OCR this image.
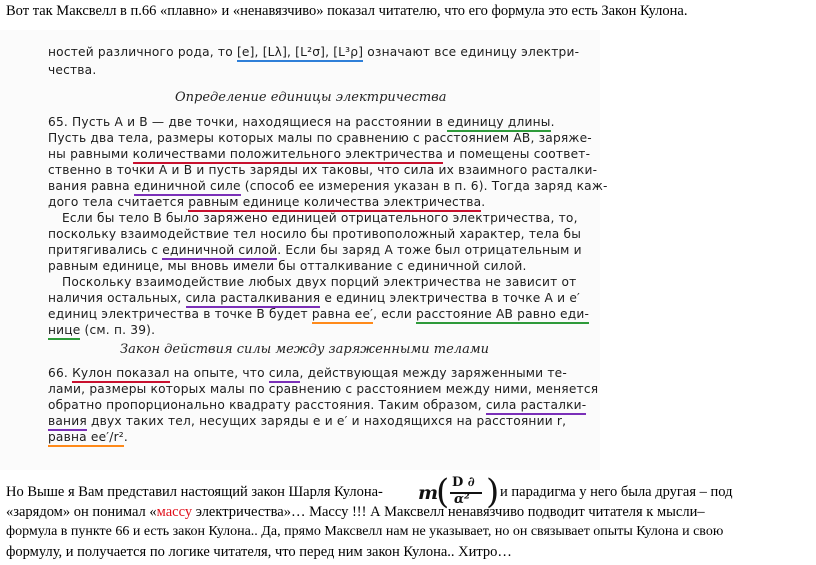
Вот так Максвелл в п.66 «плавно» и «ненавязчиво» показал читателю, что его формула это есть Закон Кулона.
ностей различного рода, то [e], [Lλ], [L²σ], [L³ρ] означают все единицу электри-
чества.
Определение единицы электричества
65. Пусть A и B — две точки, находящиеся на расстоянии в единицу длины.
Пусть два тела, размеры которых малы по сравнению с расстоянием AB, заряже-
ны равными количествами положительного электричества и помещены соответ-
ственно в точки A и B и пусть заряды их таковы, что сила их взаимного расталки-
вания равна единичной силе (способ ее измерения указан в п. 6). Тогда заряд каж-
дого тела считается равным единице количества электричества.
Если бы тело B было заряжено единицей отрицательного электричества, то,
поскольку взаимодействие тел носило бы противоположный характер, тела бы
притягивались с единичной силой. Если бы заряд A тоже был отрицательным и
равным единице, мы вновь имели бы отталкивание с единичной силой.
Поскольку взаимодействие любых двух порций электричества не зависит от
наличия остальных, сила расталкивания e единиц электричества в точке A и e′
единиц электричества в точке B будет равна ee′, если расстояние AB равно еди-
нице (см. п. 39).
Закон действия силы между заряженными телами
66. Кулон показал на опыте, что сила, действующая между заряженными те-
лами, размеры которых малы по сравнению с расстоянием между ними, меняется
обратно пропорционально квадрату расстояния. Таким образом, сила расталки-
вания двух таких тел, несущих заряды e и e′ и находящихся на расстоянии r,
равна ee′/r².
m
( D ∂
α² )
Но Выше я Вам представил настоящий закон Шарля Кулона-	и парадигма у него была другая – под
«зарядом» он понимал «массу электричества»… Массу !!! А Максвелл ненавязчиво подводит читателя к мысли–
формула в пункте 66 и есть закон Кулона.. Да, прямо Максвелл нам не указывает, но он связывает опыты Кулона и свою
формулу, и получается по логике читателя, что перед ним закон Кулона.. Хитро…
